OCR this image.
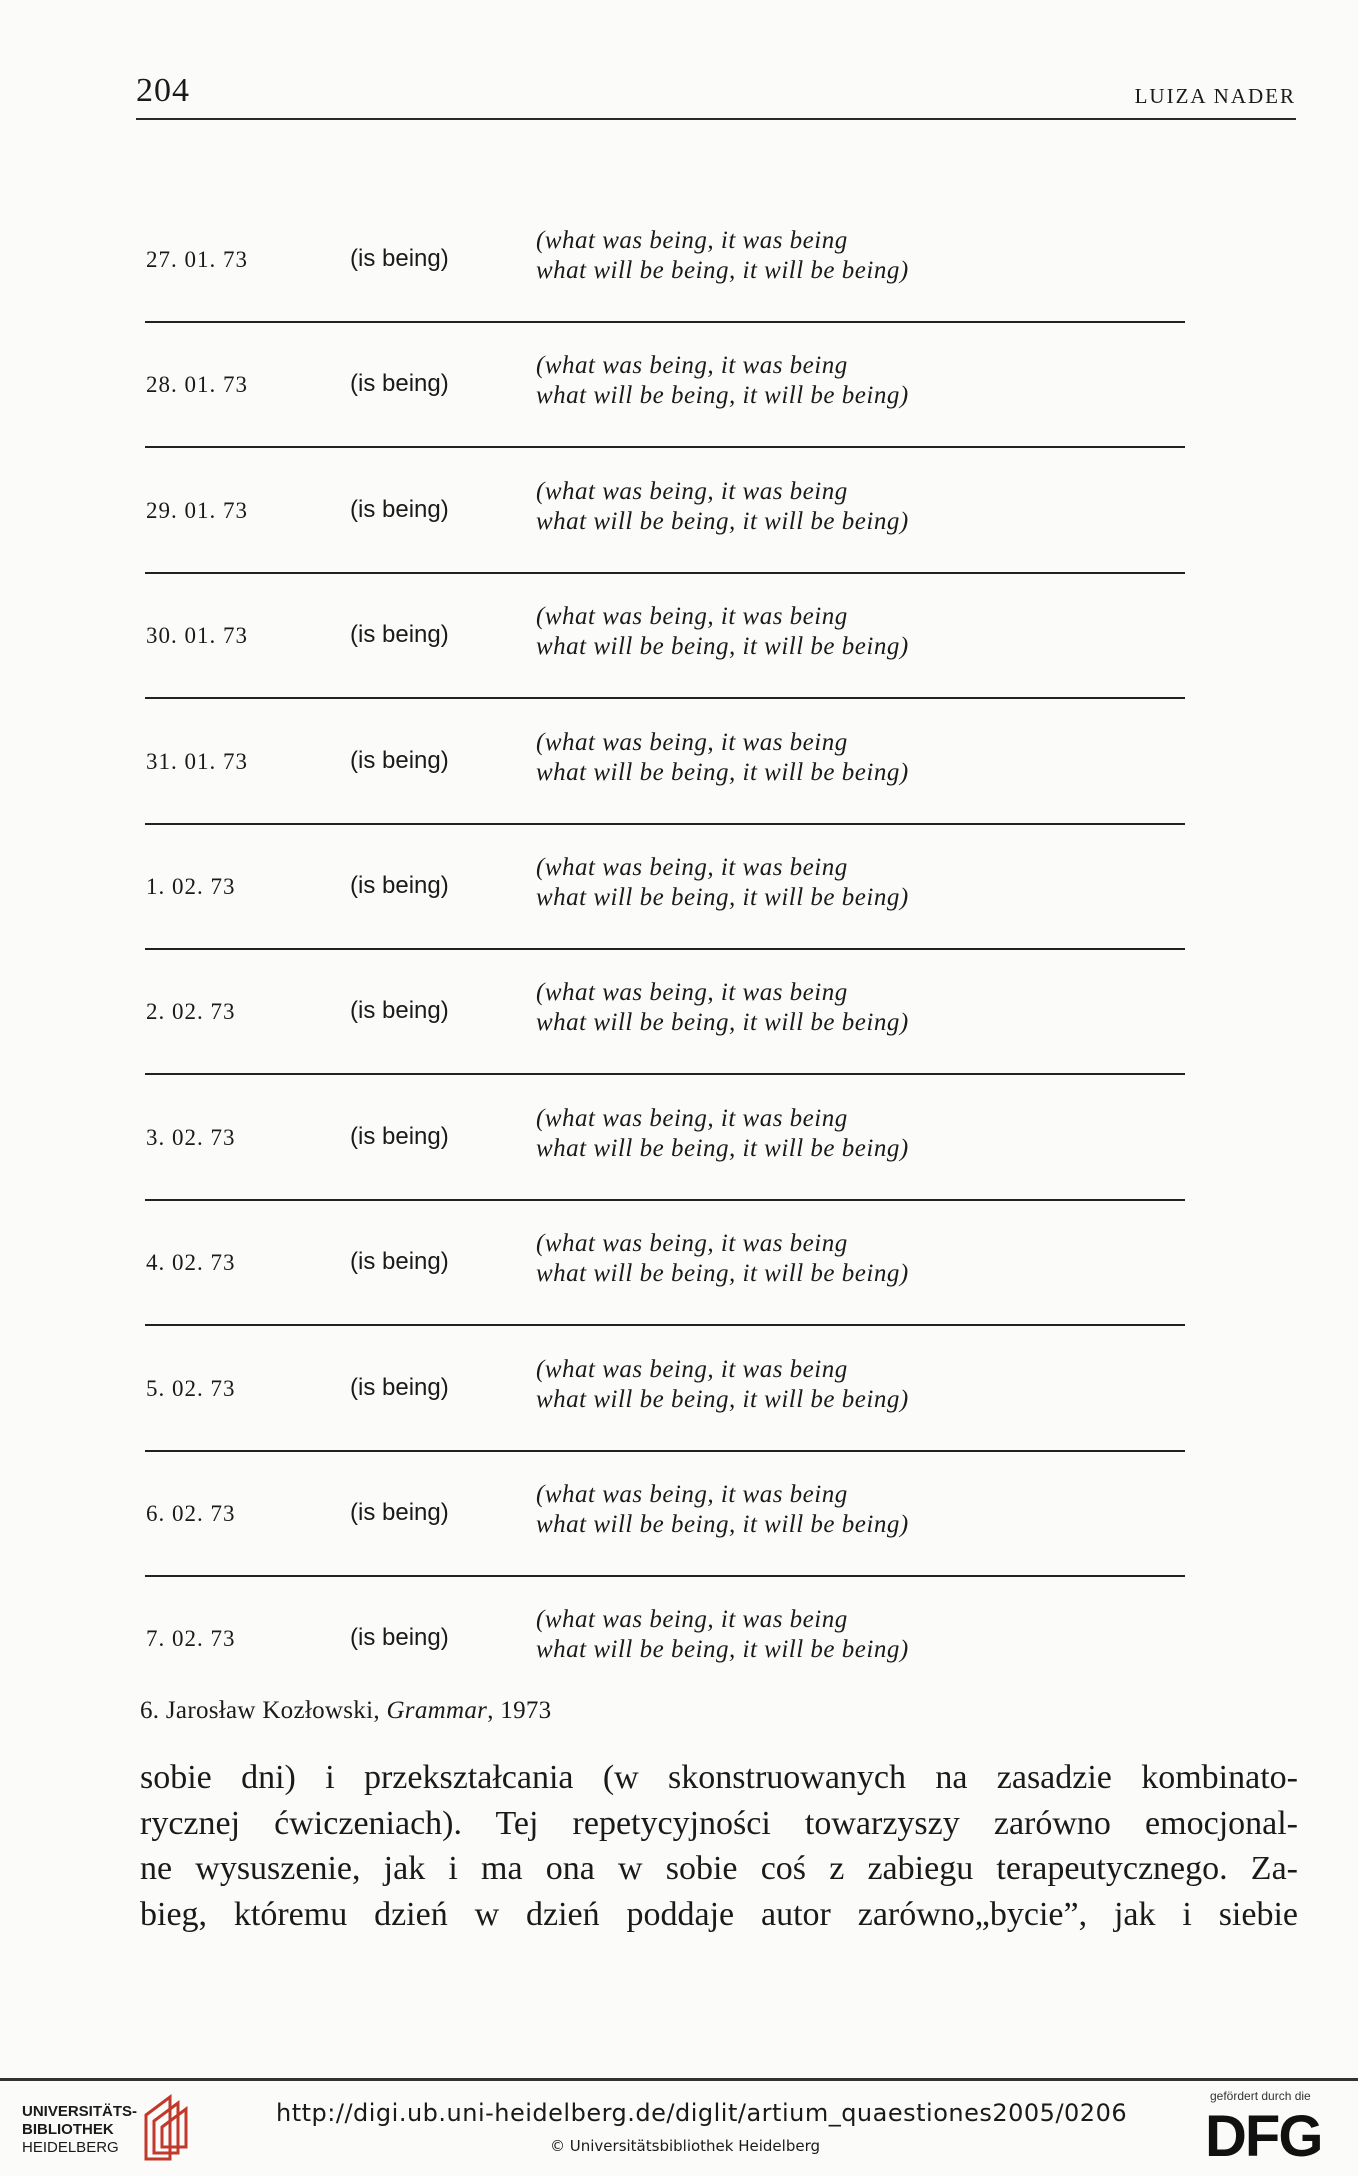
204	LUIZA NADER
27. 01. 73	(is being)
(what was being, it was being
what will be being, it will be being)
28. 01. 73	(is being)
(what was being, it was being
what will be being, it will be being)
29. 01. 73	(is being)
(what was being, it was being
what will be being, it will be being)
30. 01. 73	(is being)
(what was being, it was being
what will be being, it will be being)
31. 01. 73	(is being)
(what was being, it was being
what will be being, it will be being)
1. 02. 73	(is being)
(what was being, it was being
what will be being, it will be being)
2. 02. 73	(is being)
(what was being, it was being
what will be being, it will be being)
3. 02. 73	(is being)
(what was being, it was being
what will be being, it will be being)
4. 02. 73	(is being)
(what was being, it was being
what will be being, it will be being)
5. 02. 73	(is being)
(what was being, it was being
what will be being, it will be being)
6. 02. 73	(is being)
(what was being, it was being
what will be being, it will be being)
7. 02. 73	(is being)
(what was being, it was being
what will be being, it will be being)
6. Jarosław Kozłowski, Grammar, 1973
sobie dni) i przekształcania (w skonstruowanych na zasadzie kombinato-
rycznej ćwiczeniach). Tej repetycyjności towarzyszy zarówno emocjonal-
ne wysuszenie, jak i ma ona w sobie coś z zabiegu terapeutycznego. Za-
bieg, któremu dzień w dzień poddaje autor zarówno„bycie”, jak i siebie
UNIVERSITÄTS-
BIBLIOTHEK
HEIDELBERG
http://digi.ub.uni-heidelberg.de/diglit/artium_quaestiones2005/0206
© Universitätsbibliothek Heidelberg
gefördert durch die
DFG
